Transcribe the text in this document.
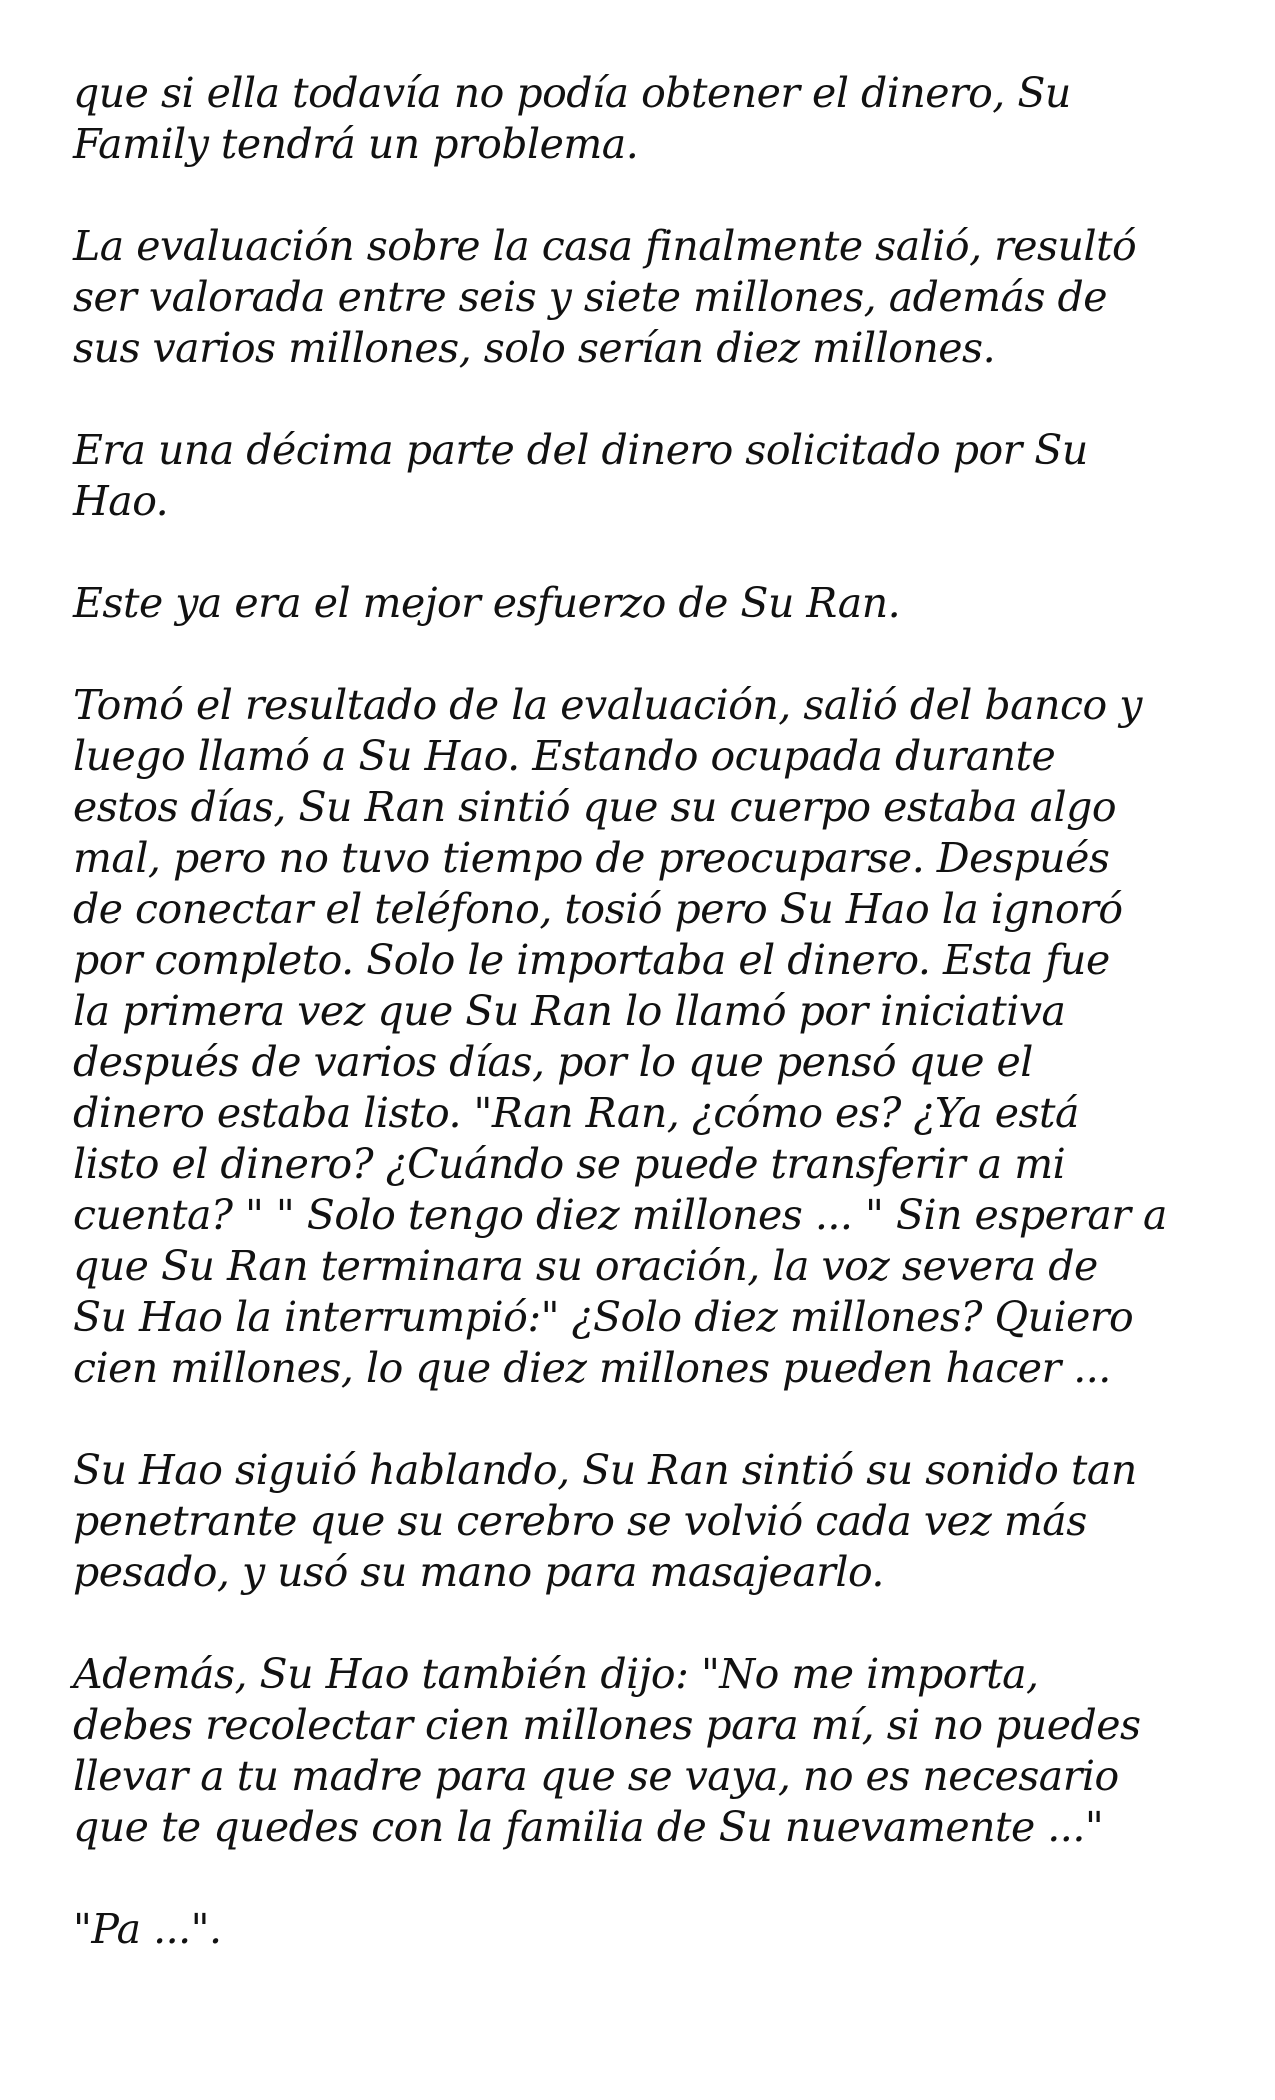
que si ella todavía no podía obtener el dinero, Su
Family tendrá un problema.

La evaluación sobre la casa finalmente salió, resultó
ser valorada entre seis y siete millones, además de
sus varios millones, solo serían diez millones.

Era una décima parte del dinero solicitado por Su
Hao.

Este ya era el mejor esfuerzo de Su Ran.

Tomó el resultado de la evaluación, salió del banco y
luego llamó a Su Hao. Estando ocupada durante
estos días, Su Ran sintió que su cuerpo estaba algo
mal, pero no tuvo tiempo de preocuparse. Después
de conectar el teléfono, tosió pero Su Hao la ignoró
por completo. Solo le importaba el dinero. Esta fue
la primera vez que Su Ran lo llamó por iniciativa
después de varios días, por lo que pensó que el
dinero estaba listo. "Ran Ran, ¿cómo es? ¿Ya está
listo el dinero? ¿Cuándo se puede transferir a mi
cuenta? " " Solo tengo diez millones ... " Sin esperar a
que Su Ran terminara su oración, la voz severa de
Su Hao la interrumpió:" ¿Solo diez millones? Quiero
cien millones, lo que diez millones pueden hacer ...

Su Hao siguió hablando, Su Ran sintió su sonido tan
penetrante que su cerebro se volvió cada vez más
pesado, y usó su mano para masajearlo.

Además, Su Hao también dijo: "No me importa,
debes recolectar cien millones para mí, si no puedes
llevar a tu madre para que se vaya, no es necesario
que te quedes con la familia de Su nuevamente ..."

"Pa ...".
